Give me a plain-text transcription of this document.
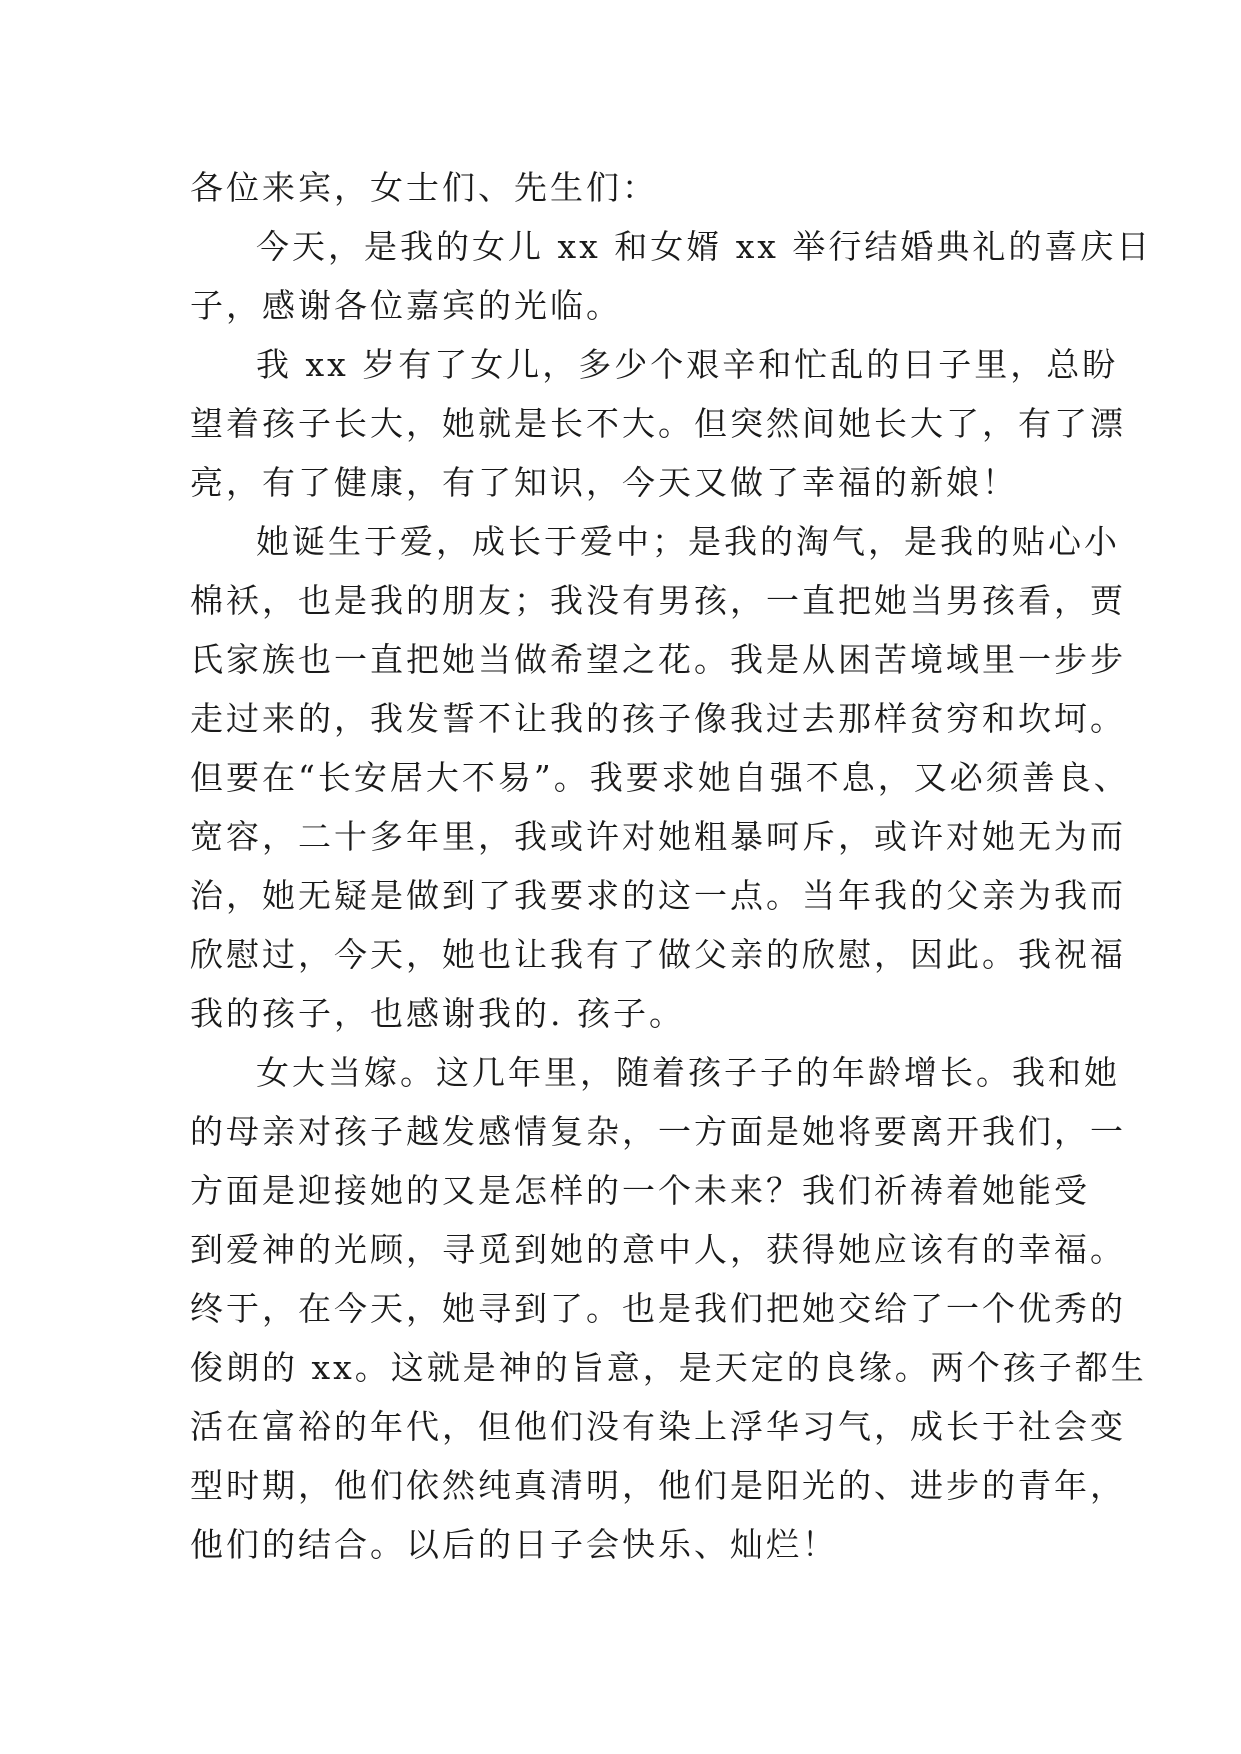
各位来宾，女士们、先生们：
今天，是我的女儿 xx 和女婿 xx 举行结婚典礼的喜庆日
子，感谢各位嘉宾的光临。
我 xx 岁有了女儿，多少个艰辛和忙乱的日子里，总盼
望着孩子长大，她就是长不大。但突然间她长大了，有了漂
亮，有了健康，有了知识，今天又做了幸福的新娘！
她诞生于爱，成长于爱中；是我的淘气，是我的贴心小
棉袄，也是我的朋友；我没有男孩，一直把她当男孩看，贾
氏家族也一直把她当做希望之花。我是从困苦境域里一步步
走过来的，我发誓不让我的孩子像我过去那样贫穷和坎坷。
但要在“长安居大不易”。我要求她自强不息，又必须善良、
宽容，二十多年里，我或许对她粗暴呵斥，或许对她无为而
治，她无疑是做到了我要求的这一点。当年我的父亲为我而
欣慰过，今天，她也让我有了做父亲的欣慰，因此。我祝福
我的孩子，也感谢我的. 孩子。
女大当嫁。这几年里，随着孩子子的年龄增长。我和她
的母亲对孩子越发感情复杂，一方面是她将要离开我们，一
方面是迎接她的又是怎样的一个未来？我们祈祷着她能受
到爱神的光顾，寻觅到她的意中人，获得她应该有的幸福。
终于，在今天，她寻到了。也是我们把她交给了一个优秀的
俊朗的 xx。这就是神的旨意，是天定的良缘。两个孩子都生
活在富裕的年代，但他们没有染上浮华习气，成长于社会变
型时期，他们依然纯真清明，他们是阳光的、进步的青年，
他们的结合。以后的日子会快乐、灿烂！
